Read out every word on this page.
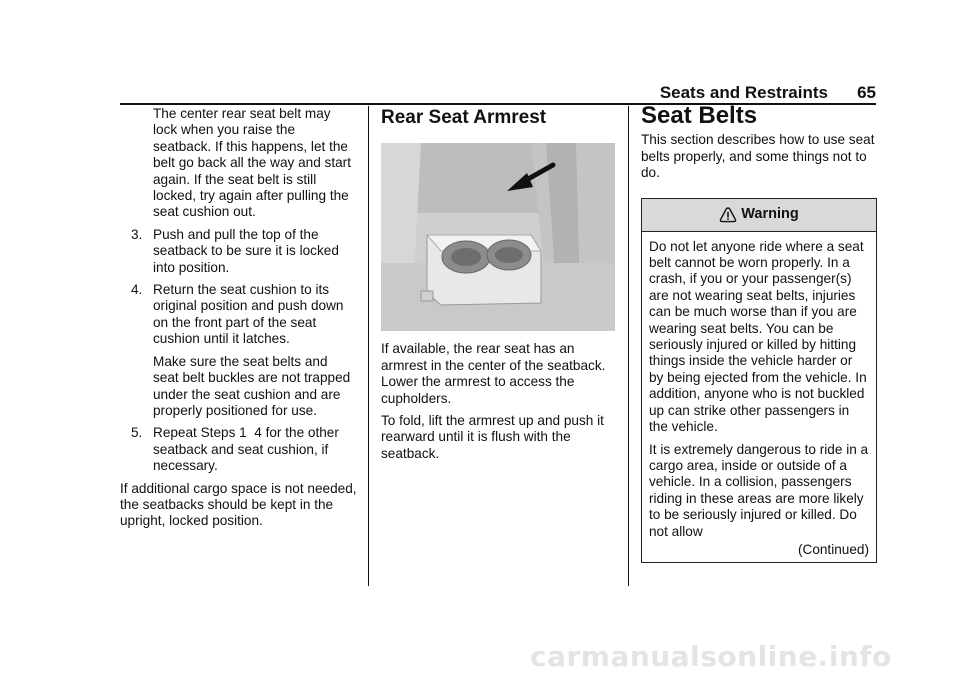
Seats and Restraints 65

The center rear seat belt may lock when you raise the seatback. If this happens, let the belt go back all the way and start again. If the seat belt is still locked, try again after pulling the seat cushion out.

3. Push and pull the top of the seatback to be sure it is locked into position.
4. Return the seat cushion to its original position and push down on the front part of the seat cushion until it latches.

Make sure the seat belts and seat belt buckles are not trapped under the seat cushion and are properly positioned for use.

5. Repeat Steps 1  4 for the other seatback and seat cushion, if necessary.

If additional cargo space is not needed, the seatbacks should be kept in the upright, locked position.

Rear Seat Armrest

If available, the rear seat has an armrest in the center of the seatback. Lower the armrest to access the cupholders.

To fold, lift the armrest up and push it rearward until it is flush with the seatback.

Seat Belts

This section describes how to use seat belts properly, and some things not to do.

Warning

Do not let anyone ride where a seat belt cannot be worn properly. In a crash, if you or your passenger(s) are not wearing seat belts, injuries can be much worse than if you are wearing seat belts. You can be seriously injured or killed by hitting things inside the vehicle harder or by being ejected from the vehicle. In addition, anyone who is not buckled up can strike other passengers in the vehicle.

It is extremely dangerous to ride in a cargo area, inside or outside of a vehicle. In a collision, passengers riding in these areas are more likely to be seriously injured or killed. Do not allow

(Continued)
carmanualsonline.info
